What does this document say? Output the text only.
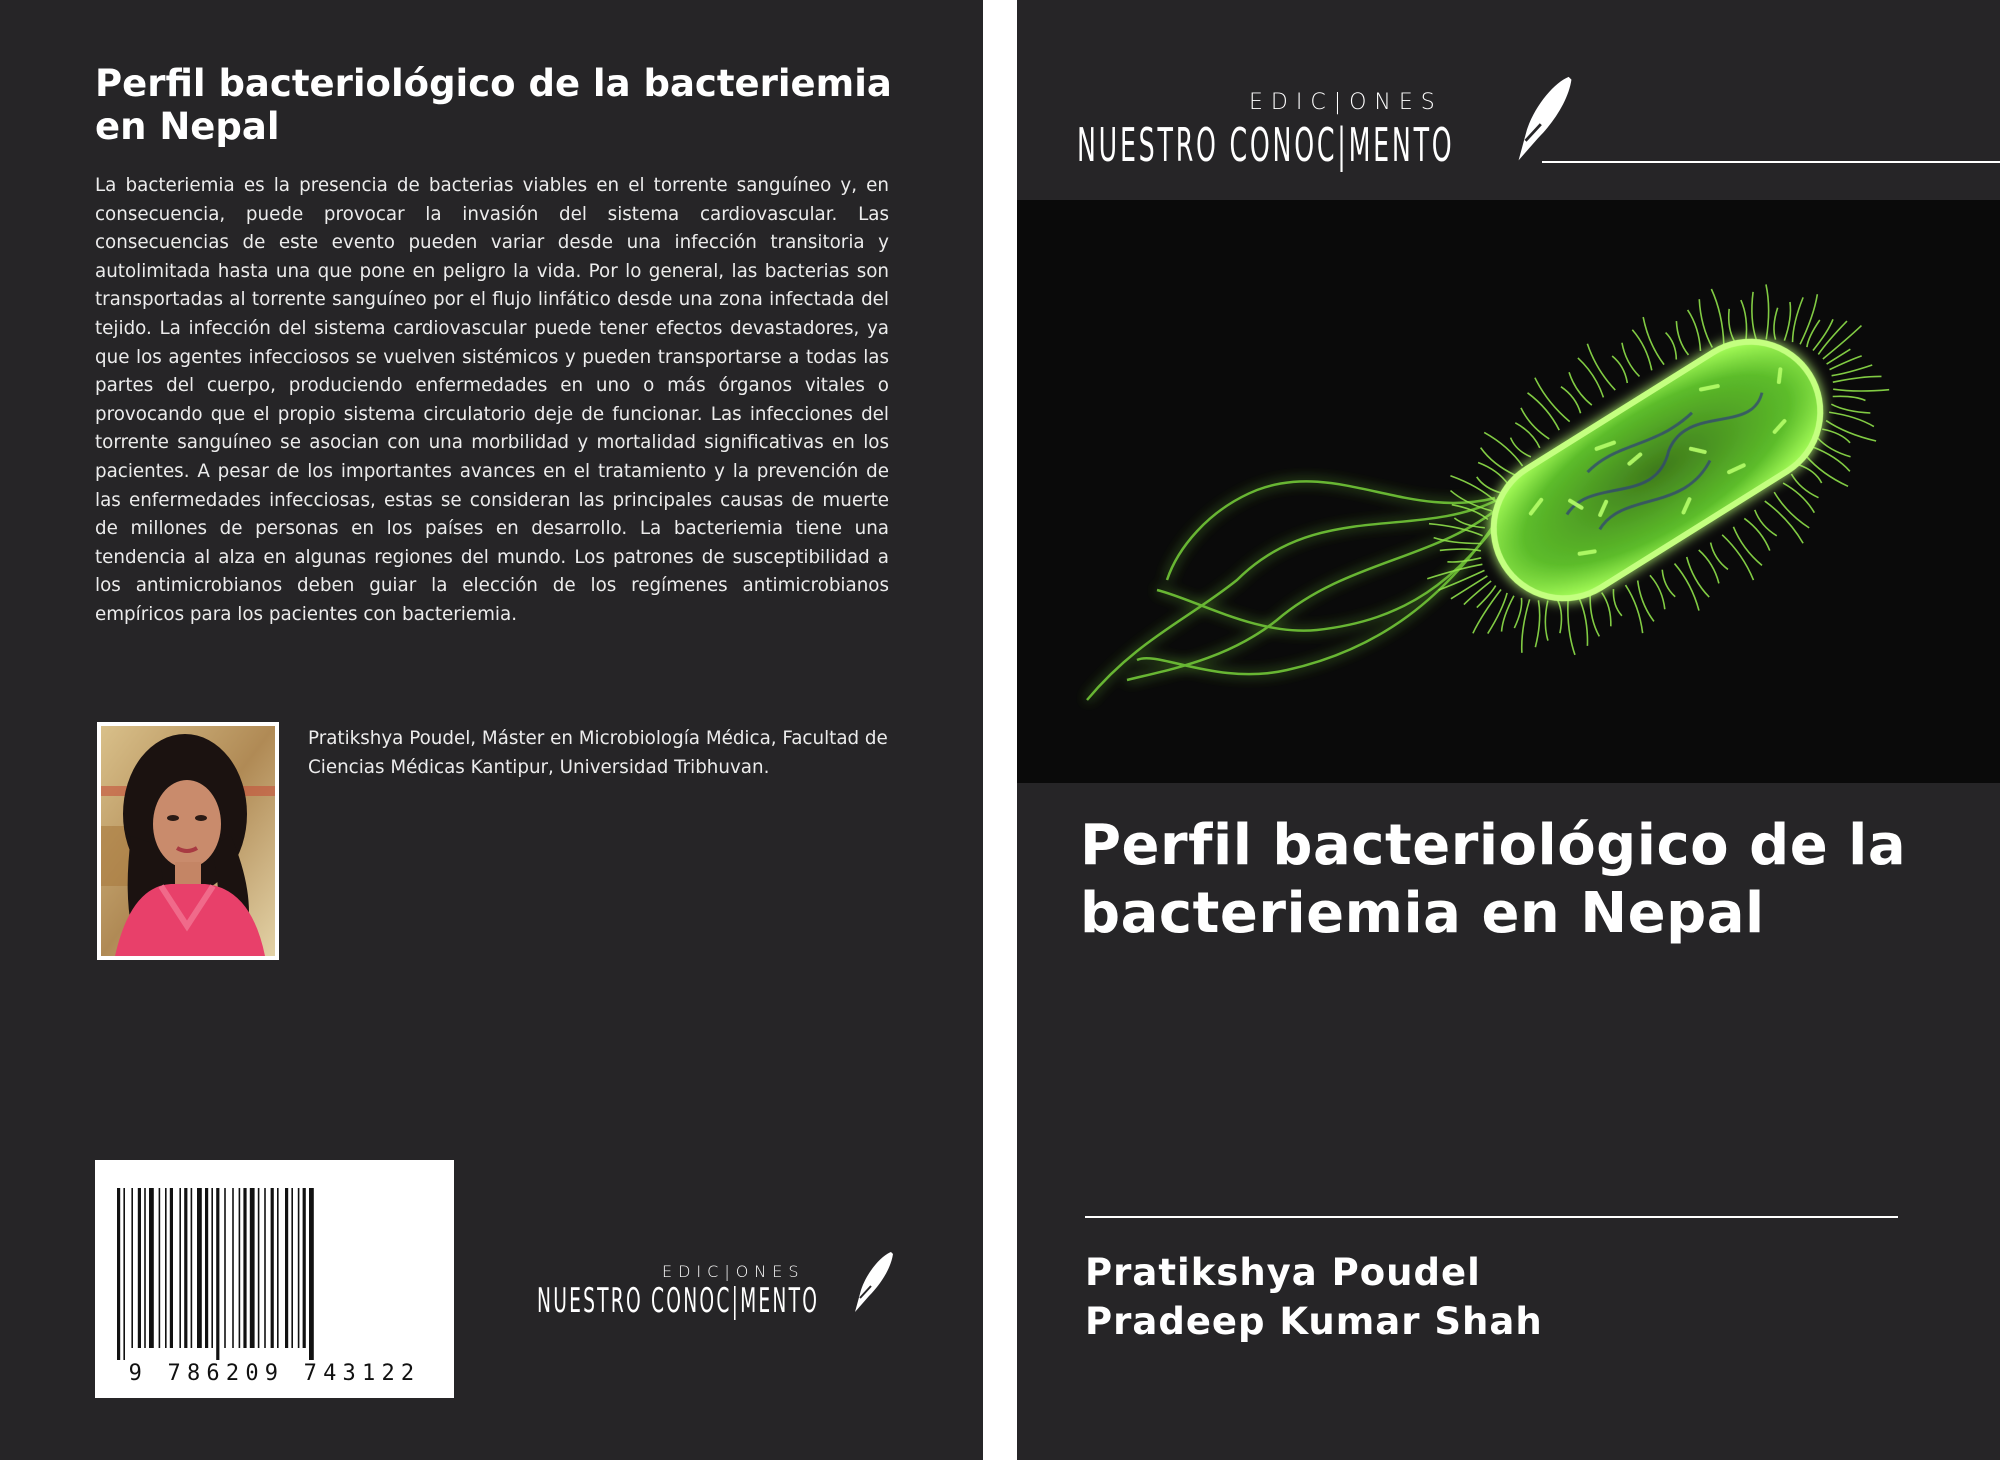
Perfil bacteriológico de la bacteriemia en Nepal

La bacteriemia es la presencia de bacterias viables en el torrente sanguíneo y, en consecuencia, puede provocar la invasión del sistema cardiovascular. Las consecuencias de este evento pueden variar desde una infección transitoria y autolimitada hasta una que pone en peligro la vida. Por lo general, las bacterias son transportadas al torrente sanguíneo por el flujo linfático desde una zona infectada del tejido. La infección del sistema cardiovascular puede tener efectos devastadores, ya que los agentes infecciosos se vuelven sistémicos y pueden transportarse a todas las partes del cuerpo, produciendo enfermedades en uno o más órganos vitales o provocando que el propio sistema circulatorio deje de funcionar. Las infecciones del torrente sanguíneo se asocian con una morbilidad y mortalidad significativas en los pacientes. A pesar de los importantes avances en el tratamiento y la prevención de las enfermedades infecciosas, estas se consideran las principales causas de muerte de millones de personas en los países en desarrollo. La bacteriemia tiene una tendencia al alza en algunas regiones del mundo. Los patrones de susceptibilidad a los antimicrobianos deben guiar la elección de los regímenes antimicrobianos empíricos para los pacientes con bacteriemia.

Pratikshya Poudel, Máster en Microbiología Médica, Facultad de Ciencias Médicas Kantipur, Universidad Tribhuvan.

9 786209 743122
EDIC|ONES
NUESTRO CONOC|MENTO
EDIC|ONES
NUESTRO CONOC|MENTO
Perfil bacteriológico de la bacteriemia en Nepal
Pratikshya Poudel
Pradeep Kumar Shah
